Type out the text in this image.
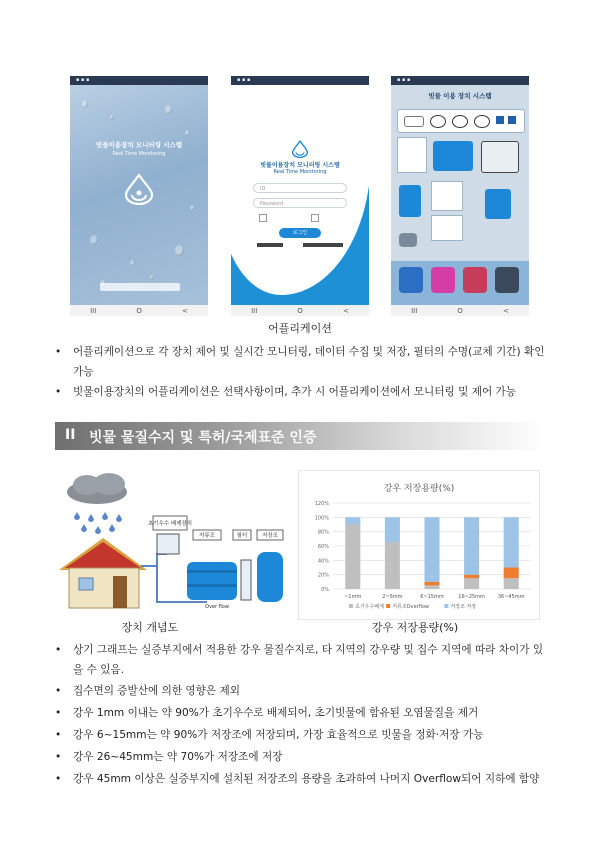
▪ ▪ ▪
빗물이용장치 모니터링 시스템
Real Time Monitoring
III	O	<
▪ ▪ ▪
빗물이용장치 모니터링 시스템
Real Time Monitoring
ID
Password
로그인
III	O	<
▪ ▪ ▪
빗물 이용 장치 시스템
III	O	<
어플리케이션
•	어플리케이션으로 각 장치 제어 및 실시간 모니터링, 데이터 수집 및 저장, 필터의 수명(교체 기간) 확인 가능
•	빗물이용장치의 어플리케이션은 선택사항이며, 추가 시 어플리케이션에서 모니터링 및 제어 가능
II 빗물 물질수지 및 특허/국제표준 인증
초기우수 배제장치
저류조	필터	저장조
Over flow
강우 저장용량(%)
~1mm	2~5mm	6~15mm	16~25mm	36~45mm
0%
20%
40%
60%
80%
100%
120%
초기우수배제 저류조Overflow	저장조 저장
장치 개념도	강우 저장용량(%)
•	상기 그래프는 실증부지에서 적용한 강우 물질수지로, 타 지역의 강우량 및 집수 지역에 따라 차이가 있을 수 있음.
•	집수면의 증발산에 의한 영향은 제외
•	강우 1mm 이내는 약 90%가 초기우수로 배제되어, 초기빗물에 함유된 오염물질을 제거
•	강우 6~15mm는 약 90%가 저장조에 저장되며, 가장 효율적으로 빗물을 정화·저장 가능
•	강우 26~45mm는 약 70%가 저장조에 저장
•	강우 45mm 이상은 실증부지에 설치된 저장조의 용량을 초과하여 나머지 Overflow되어 지하에 함양
